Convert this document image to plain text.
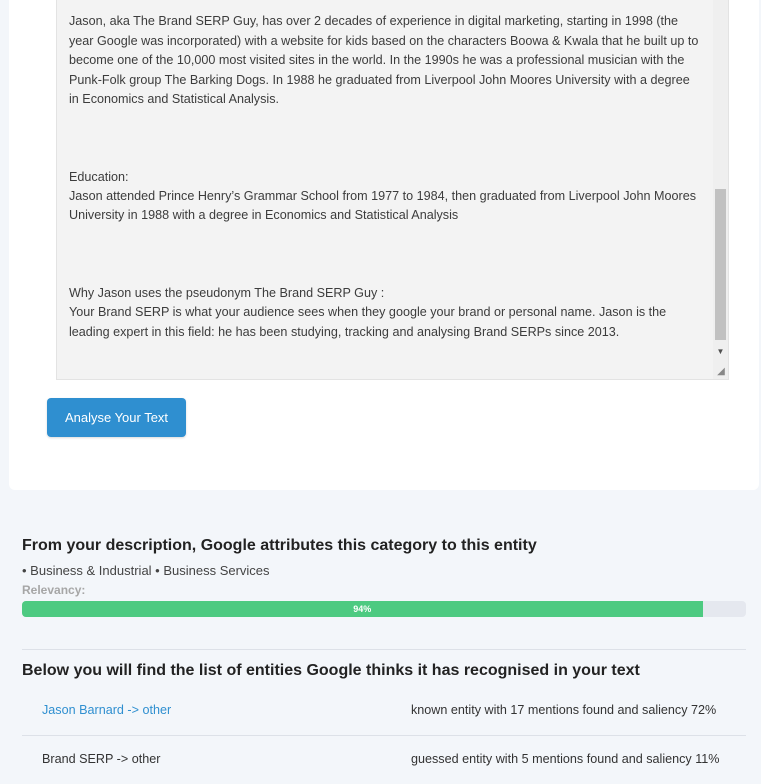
Jason, aka The Brand SERP Guy, has over 2 decades of experience in digital marketing, starting in 1998 (the year Google was incorporated) with a website for kids based on the characters Boowa & Kwala that he built up to become one of the 10,000 most visited sites in the world. In the 1990s he was a professional musician with the Punk-Folk group The Barking Dogs. In 1988 he graduated from Liverpool John Moores University with a degree in Economics and Statistical Analysis.

Education:
Jason attended Prince Henry’s Grammar School from 1977 to 1984, then graduated from Liverpool John Moores University in 1988 with a degree in Economics and Statistical Analysis

Why Jason uses the pseudonym The Brand SERP Guy :
Your Brand SERP is what your audience sees when they google your brand or personal name. Jason is the leading expert in this field: he has been studying, tracking and analysing Brand SERPs since 2013.

▼
◢
Analyse Your Text
From your description, Google attributes this category to this entity
• Business & Industrial • Business Services
Relevancy:
94%
Below you will find the list of entities Google thinks it has recognised in your text
Jason Barnard -> other	known entity with 17 mentions found and saliency 72%
Brand SERP -> other	guessed entity with 5 mentions found and saliency 11%
